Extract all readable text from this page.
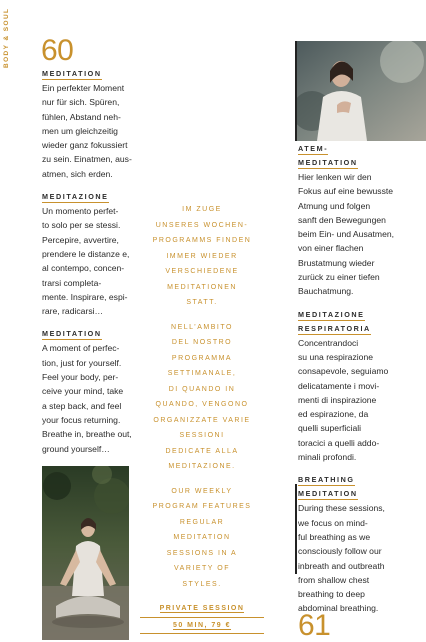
BODY & SOUL 60
MEDITATION
Ein perfekter Moment
nur für sich. Spüren,
fühlen, Abstand neh-
men um gleichzeitig
wieder ganz fokussiert
zu sein. Einatmen, aus-
atmen, sich erden.
MEDITAZIONE
Un momento perfet-
to solo per se stessi.
Percepire, avvertire,
prendere le distanze e,
al contempo, concen-
trarsi completa-
mente. Inspirare, espi-
rare, radicarsi…
MEDITATION
A moment of perfec-
tion, just for yourself.
Feel your body, per-
ceive your mind, take
a step back, and feel
your focus returning.
Breathe in, breathe out,
ground yourself…
IM ZUGE
UNSERES WOCHEN-
PROGRAMMS FINDEN
IMMER WIEDER
VERSCHIEDENE
MEDITATIONEN
STATT.
NELL’AMBITO
DEL NOSTRO
PROGRAMMA
SETTIMANALE,
DI QUANDO IN
QUANDO, VENGONO
ORGANIZZATE VARIE
SESSIONI
DEDICATE ALLA
MEDITAZIONE.
OUR WEEKLY
PROGRAM FEATURES
REGULAR
MEDITATION
SESSIONS IN A
VARIETY OF
STYLES.
PRIVATE SESSION
50 MIN, 79 €
ATEM-
MEDITATION
Hier lenken wir den
Fokus auf eine bewusste
Atmung und folgen
sanft den Bewegungen
beim Ein- und Ausatmen,
von einer flachen
Brustatmung wieder
zurück zu einer tiefen
Bauchatmung.
MEDITAZIONE
RESPIRATORIA
Concentrandoci
su una respirazione
consapevole, seguiamo
delicatamente i movi-
menti di inspirazione
ed espirazione, da
quelli superficiali
toracici a quelli addo-
minali profondi.
BREATHING
MEDITATION
During these sessions,
we focus on mind-
ful breathing as we
consciously follow our
inbreath and outbreath
from shallow chest
breathing to deep
abdominal breathing.
61
